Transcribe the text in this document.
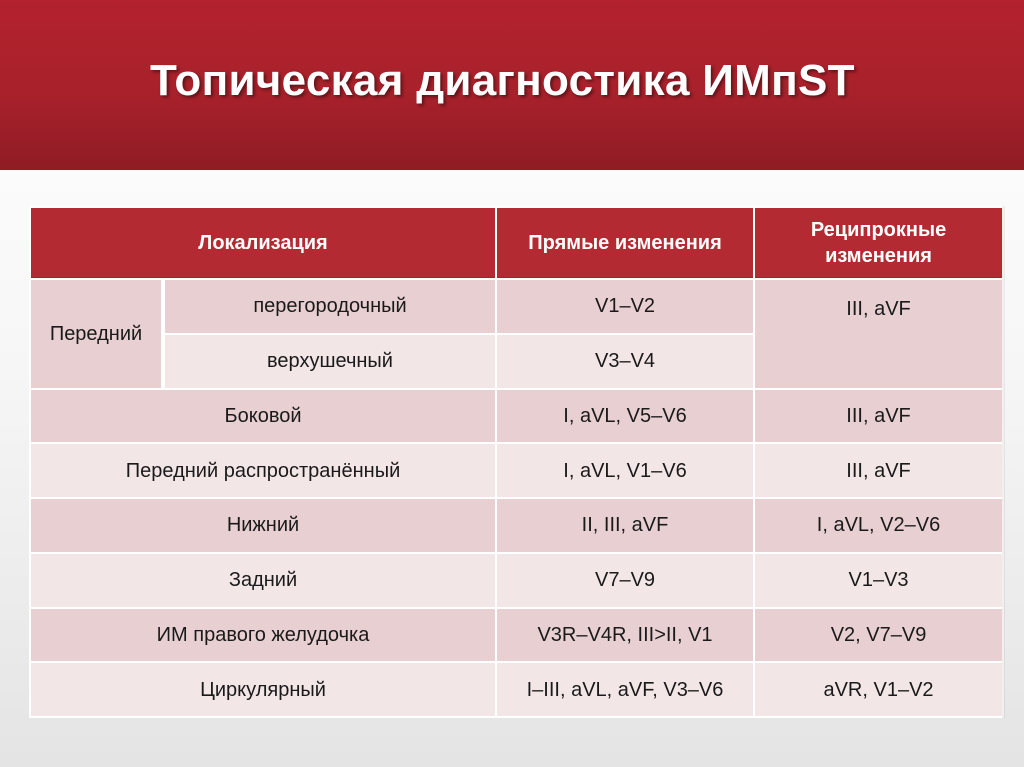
Топическая диагностика ИМпST
Локализация		Прямые изменения	Реципрокные изменения
Передний	перегородочный	V1–V2	III, aVF
	верхушечный	V3–V4	
Боковой		I, aVL, V5–V6	III, aVF
Передний распространённый		I, aVL, V1–V6	III, aVF
Нижний		II, III, aVF	I, aVL, V2–V6
Задний		V7–V9	V1–V3
ИМ правого желудочка		V3R–V4R, III>II, V1	V2, V7–V9
Циркулярный		I–III, aVL, aVF, V3–V6	aVR, V1–V2
